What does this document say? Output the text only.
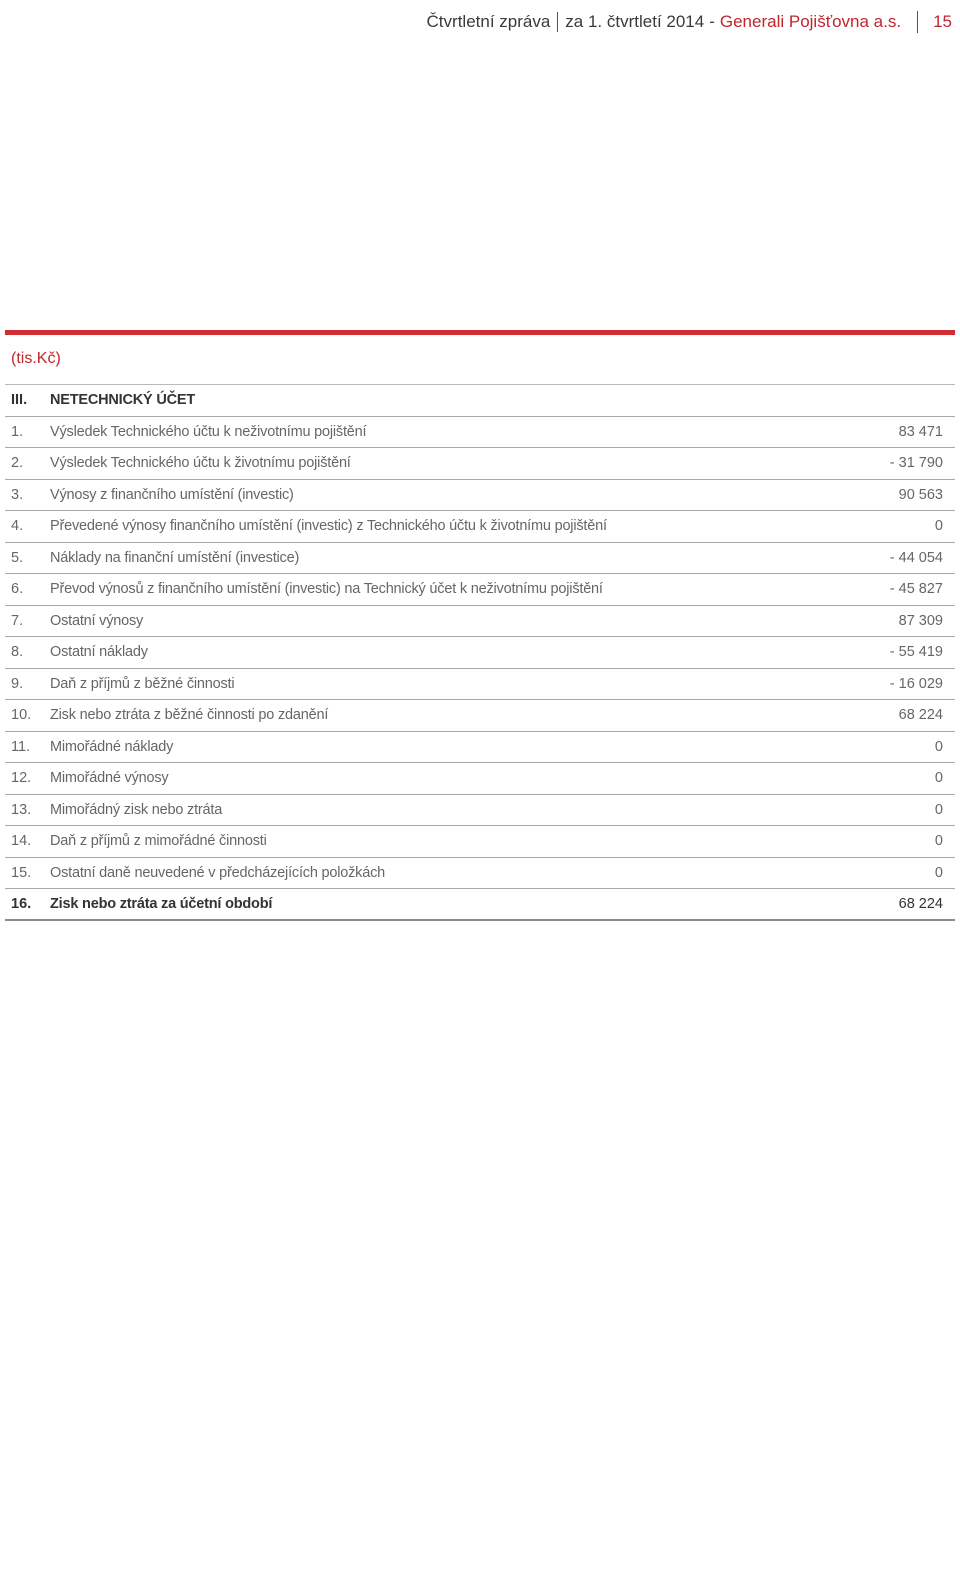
Čtvrtletní zpráva za 1. čtvrtletí 2014 - Generali Pojišťovna a.s. 15
(tis.Kč)
III.	NETECHNICKÝ ÚČET
1.	Výsledek Technického účtu k neživotnímu pojištění	83 471
2.	Výsledek Technického účtu k životnímu pojištění	- 31 790
3.	Výnosy z finančního umístění (investic)	90 563
4.	Převedené výnosy finančního umístění (investic) z Technického účtu k životnímu pojištění	0
5.	Náklady na finanční umístění (investice)	- 44 054
6.	Převod výnosů z finančního umístění (investic) na Technický účet k neživotnímu pojištění	- 45 827
7.	Ostatní výnosy	87 309
8.	Ostatní náklady	- 55 419
9.	Daň z příjmů z běžné činnosti	- 16 029
10.	Zisk nebo ztráta z běžné činnosti po zdanění	68 224
11.	Mimořádné náklady	0
12.	Mimořádné výnosy	0
13.	Mimořádný zisk nebo ztráta	0
14.	Daň z příjmů z mimořádné činnosti	0
15.	Ostatní daně neuvedené v předcházejících položkách	0
16.	Zisk nebo ztráta za účetní období	68 224
